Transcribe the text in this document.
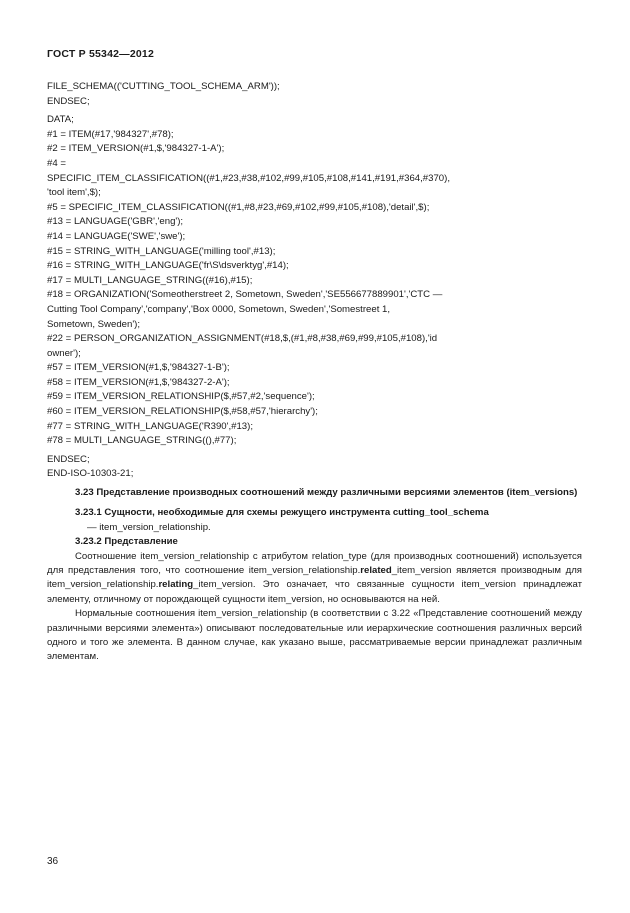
ГОСТ Р 55342—2012
FILE_SCHEMA(('CUTTING_TOOL_SCHEMA_ARM'));
ENDSEC;
DATA;
#1 = ITEM(#17,'984327',#78);
#2 = ITEM_VERSION(#1,$,'984327-1-A');
#4 =
SPECIFIC_ITEM_CLASSIFICATION((#1,#23,#38,#102,#99,#105,#108,#141,#191,#364,#370),
'tool item',$);
#5 = SPECIFIC_ITEM_CLASSIFICATION((#1,#8,#23,#69,#102,#99,#105,#108),'detail',$);
#13 = LANGUAGE('GBR','eng');
#14 = LANGUAGE('SWE','swe');
#15 = STRING_WITH_LANGUAGE('milling tool',#13);
#16 = STRING_WITH_LANGUAGE('fr\S\dsverktyg',#14);
#17 = MULTI_LANGUAGE_STRING((#16),#15);
#18 = ORGANIZATION('Someotherstreet 2, Sometown, Sweden','SE556677889901','CTC —
Cutting Tool Company','company','Box 0000, Sometown, Sweden','Somestreet 1,
Sometown, Sweden');
#22 = PERSON_ORGANIZATION_ASSIGNMENT(#18,$,(#1,#8,#38,#69,#99,#105,#108),'id
owner');
#57 = ITEM_VERSION(#1,$,'984327-1-B');
#58 = ITEM_VERSION(#1,$,'984327-2-A');
#59 = ITEM_VERSION_RELATIONSHIP($,#57,#2,'sequence');
#60 = ITEM_VERSION_RELATIONSHIP($,#58,#57,'hierarchy');
#77 = STRING_WITH_LANGUAGE('R390',#13);
#78 = MULTI_LANGUAGE_STRING((),#77);
ENDSEC;
END-ISO-10303-21;

3.23 Представление производных соотношений между различными версиями элементов (item_versions)

3.23.1 Сущности, необходимые для схемы режущего инструмента cutting_tool_schema

— item_version_relationship.

3.23.2 Представление

Соотношение item_version_relationship с атрибутом relation_type (для производных соотношений) используется для представления того, что соотношение item_version_relationship.related_item_version является производным для item_version_relationship.relating_item_version. Это означает, что связанные сущности item_version принадлежат элементу, отличному от порождающей сущности item_version, но основываются на ней.

Нормальные соотношения item_version_relationship (в соответствии с 3.22 «Представление соотношений между различными версиями элемента») описывают последовательные или иерархические соотношения различных версий одного и того же элемента. В данном случае, как указано выше, рассматриваемые версии принадлежат различным элементам.

36
